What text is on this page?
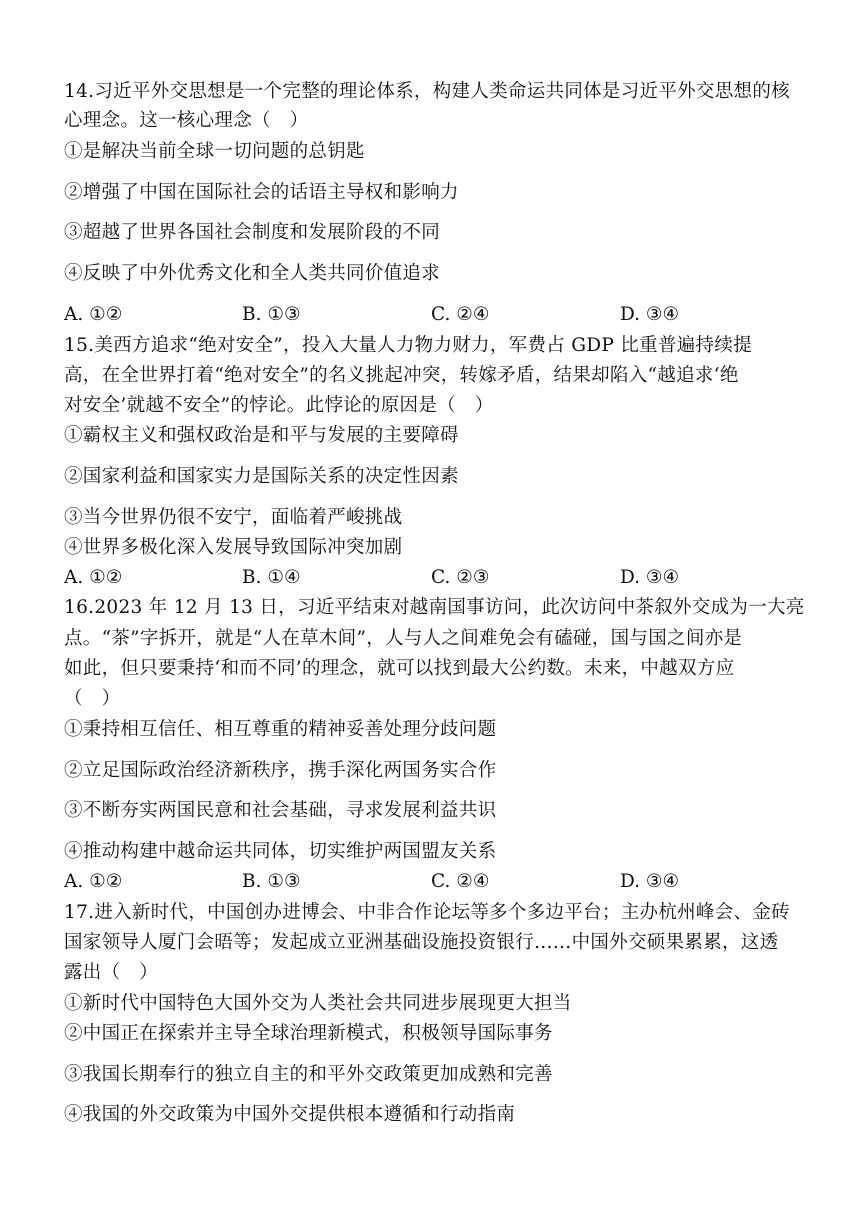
14.习近平外交思想是一个完整的理论体系，构建人类命运共同体是习近平外交思想的核
心理念。这一核心理念（　）
①是解决当前全球一切问题的总钥匙
②增强了中国在国际社会的话语主导权和影响力
③超越了世界各国社会制度和发展阶段的不同
④反映了中外优秀文化和全人类共同价值追求
A. ①②	B. ①③	C. ②④	D. ③④
15.美西方追求“绝对安全”，投入大量人力物力财力，军费占 GDP 比重普遍持续提
高，在全世界打着“绝对安全”的名义挑起冲突，转嫁矛盾，结果却陷入“越追求‘绝
对安全’就越不安全”的悖论。此悖论的原因是（　）
①霸权主义和强权政治是和平与发展的主要障碍
②国家利益和国家实力是国际关系的决定性因素
③当今世界仍很不安宁，面临着严峻挑战
④世界多极化深入发展导致国际冲突加剧
A. ①②	B. ①④	C. ②③	D. ③④
16.2023 年 12 月 13 日，习近平结束对越南国事访问，此次访问中茶叙外交成为一大亮
点。“茶”字拆开，就是“人在草木间”，人与人之间难免会有磕碰，国与国之间亦是
如此，但只要秉持‘和而不同’的理念，就可以找到最大公约数。未来，中越双方应
（　）
①秉持相互信任、相互尊重的精神妥善处理分歧问题
②立足国际政治经济新秩序，携手深化两国务实合作
③不断夯实两国民意和社会基础，寻求发展利益共识
④推动构建中越命运共同体，切实维护两国盟友关系
A. ①②	B. ①③	C. ②④	D. ③④
17.进入新时代，中国创办进博会、中非合作论坛等多个多边平台；主办杭州峰会、金砖
国家领导人厦门会晤等；发起成立亚洲基础设施投资银行……中国外交硕果累累，这透
露出（　）
①新时代中国特色大国外交为人类社会共同进步展现更大担当
②中国正在探索并主导全球治理新模式，积极领导国际事务
③我国长期奉行的独立自主的和平外交政策更加成熟和完善
④我国的外交政策为中国外交提供根本遵循和行动指南
